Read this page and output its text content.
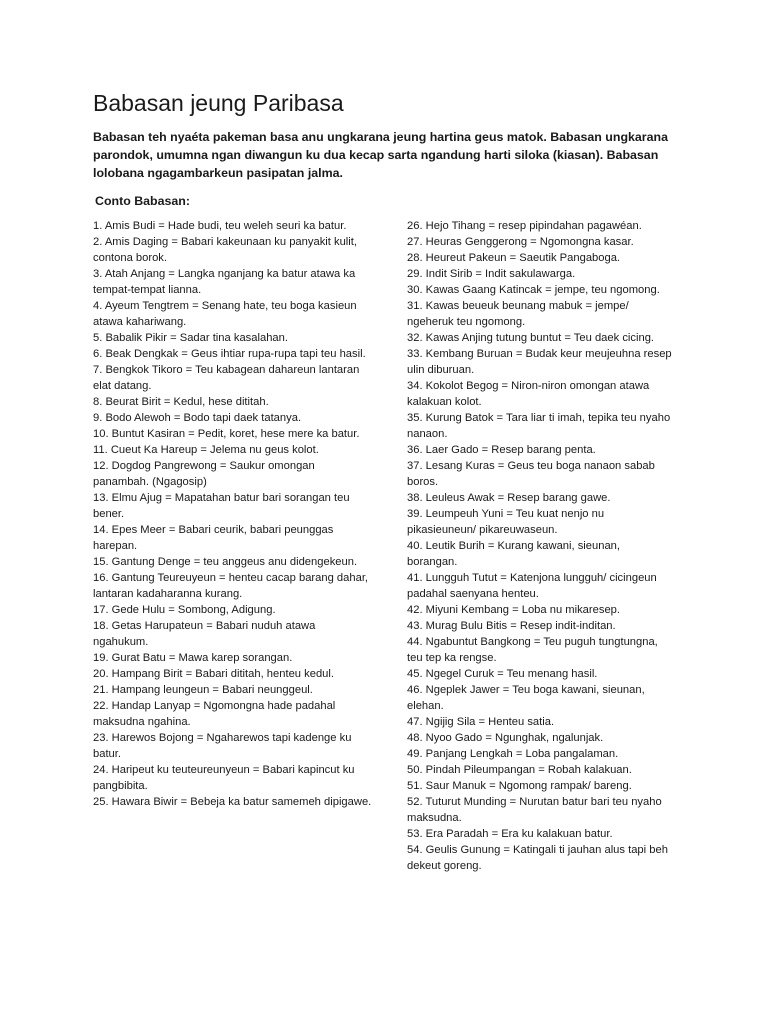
Babasan jeung Paribasa

Babasan teh nyaéta pakeman basa anu ungkarana jeung hartina geus matok. Babasan ungkarana parondok, umumna ngan diwangun ku dua kecap sarta ngandung harti siloka (kiasan). Babasan lolobana ngagambarkeun pasipatan jalma.

Conto Babasan:

1. Amis Budi = Hade budi, teu weleh seuri ka batur.
2. Amis Daging = Babari kakeunaan ku panyakit kulit, contona borok.
3. Atah Anjang = Langka nganjang ka batur atawa ka tempat-tempat lianna.
4. Ayeum Tengtrem = Senang hate, teu boga kasieun atawa kahariwang.
5. Babalik Pikir = Sadar tina kasalahan.
6. Beak Dengkak = Geus ihtiar rupa-rupa tapi teu hasil.
7. Bengkok Tikoro = Teu kabagean dahareun lantaran elat datang.
8. Beurat Birit = Kedul, hese dititah.
9. Bodo Alewoh = Bodo tapi daek tatanya.
10. Buntut Kasiran = Pedit, koret, hese mere ka batur.
11. Cueut Ka Hareup = Jelema nu geus kolot.
12. Dogdog Pangrewong = Saukur omongan panambah. (Ngagosip)
13. Elmu Ajug = Mapatahan batur bari sorangan teu bener.
14. Epes Meer = Babari ceurik, babari peunggas harepan.
15. Gantung Denge = teu anggeus anu didengekeun.
16. Gantung Teureuyeun = henteu cacap barang dahar, lantaran kadaharanna kurang.
17. Gede Hulu = Sombong, Adigung.
18. Getas Harupateun = Babari nuduh atawa ngahukum.
19. Gurat Batu = Mawa karep sorangan.
20. Hampang Birit = Babari dititah, henteu kedul.
21. Hampang leungeun = Babari neunggeul.
22. Handap Lanyap = Ngomongna hade padahal maksudna ngahina.
23. Harewos Bojong = Ngaharewos tapi kadenge ku batur.
24. Haripeut ku teuteureunyeun = Babari kapincut ku pangbibita.
25. Hawara Biwir = Bebeja ka batur samemeh dipigawe.
26. Hejo Tihang = resep pipindahan pagawéan.
27. Heuras Genggerong = Ngomongna kasar.
28. Heureut Pakeun = Saeutik Pangaboga.
29. Indit Sirib = Indit sakulawarga.
30. Kawas Gaang Katincak = jempe, teu ngomong.
31. Kawas beueuk beunang mabuk = jempe/ ngeheruk teu ngomong.
32. Kawas Anjing tutung buntut = Teu daek cicing.
33. Kembang Buruan = Budak keur meujeuhna resep ulin diburuan.
34. Kokolot Begog = Niron-niron omongan atawa kalakuan kolot.
35. Kurung Batok = Tara liar ti imah, tepika teu nyaho nanaon.
36. Laer Gado = Resep barang penta.
37. Lesang Kuras = Geus teu boga nanaon sabab boros.
38. Leuleus Awak = Resep barang gawe.
39. Leumpeuh Yuni = Teu kuat nenjo nu pikasieuneun/ pikareuwaseun.
40. Leutik Burih = Kurang kawani, sieunan, borangan.
41. Lungguh Tutut = Katenjona lungguh/ cicingeun padahal saenyana henteu.
42. Miyuni Kembang = Loba nu mikaresep.
43. Murag Bulu Bitis = Resep indit-inditan.
44. Ngabuntut Bangkong = Teu puguh tungtungna, teu tep ka rengse.
45. Ngegel Curuk = Teu menang hasil.
46. Ngeplek Jawer = Teu boga kawani, sieunan, elehan.
47. Ngijig Sila = Henteu satia.
48. Nyoo Gado = Ngunghak, ngalunjak.
49. Panjang Lengkah = Loba pangalaman.
50. Pindah Pileumpangan = Robah kalakuan.
51. Saur Manuk = Ngomong rampak/ bareng.
52. Tuturut Munding = Nurutan batur bari teu nyaho maksudna.
53. Era Paradah = Era ku kalakuan batur.
54. Geulis Gunung = Katingali ti jauhan alus tapi beh dekeut goreng.
